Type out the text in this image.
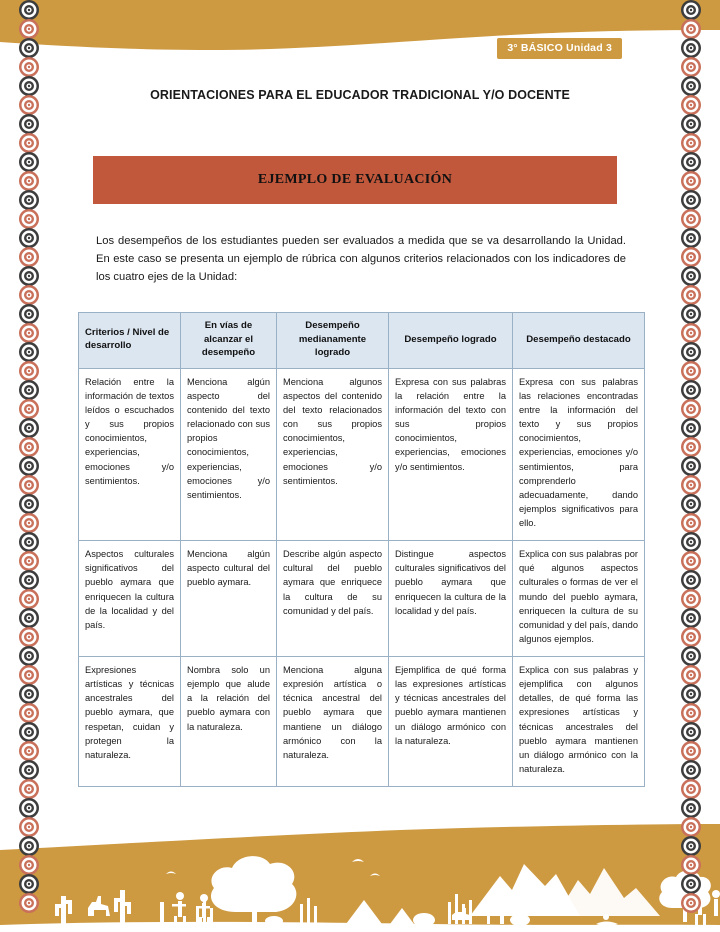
3° BÁSICO Unidad 3
ORIENTACIONES PARA EL EDUCADOR TRADICIONAL Y/O DOCENTE
EJEMPLO DE EVALUACIÓN
Los desempeños de los estudiantes pueden ser evaluados a medida que se va desarrollando la Unidad. En este caso se presenta un ejemplo de rúbrica con algunos criterios relacionados con los indicadores de los cuatro ejes de la Unidad:
Criterios / Nivel de desarrollo	En vías de alcanzar el desempeño	Desempeño medianamente logrado	Desempeño logrado	Desempeño destacado
Relación entre la información de textos leídos o escuchados y sus propios conocimientos, experiencias, emociones y/o sentimientos.	Menciona algún aspecto del contenido del texto relacionado con sus propios conocimientos, experiencias, emociones y/o sentimientos.	Menciona algunos aspectos del contenido del texto relacionados con sus propios conocimientos, experiencias, emociones y/o sentimientos.	Expresa con sus palabras la relación entre la información del texto con sus propios conocimientos, experiencias, emociones y/o sentimientos.	Expresa con sus palabras las relaciones encontradas entre la información del texto y sus propios conocimientos, experiencias, emociones y/o sentimientos, para comprenderlo adecuadamente, dando ejemplos significativos para ello.
Aspectos culturales significativos del pueblo aymara que enriquecen la cultura de la localidad y del país.	Menciona algún aspecto cultural del pueblo aymara.	Describe algún aspecto cultural del pueblo aymara que enriquece la cultura de su comunidad y del país.	Distingue aspectos culturales significativos del pueblo aymara que enriquecen la cultura de la localidad y del país.	Explica con sus palabras por qué algunos aspectos culturales o formas de ver el mundo del pueblo aymara, enriquecen la cultura de su comunidad y del país, dando algunos ejemplos.
Expresiones artísticas y técnicas ancestrales del pueblo aymara, que respetan, cuidan y protegen la naturaleza.	Nombra solo un ejemplo que alude a la relación del pueblo aymara con la naturaleza.	Menciona alguna expresión artística o técnica ancestral del pueblo aymara que mantiene un diálogo armónico con la naturaleza.	Ejemplifica de qué forma las expresiones artísticas y técnicas ancestrales del pueblo aymara mantienen un diálogo armónico con la naturaleza.	Explica con sus palabras y ejemplifica con algunos detalles, de qué forma las expresiones artísticas y técnicas ancestrales del pueblo aymara mantienen un diálogo armónico con la naturaleza.
